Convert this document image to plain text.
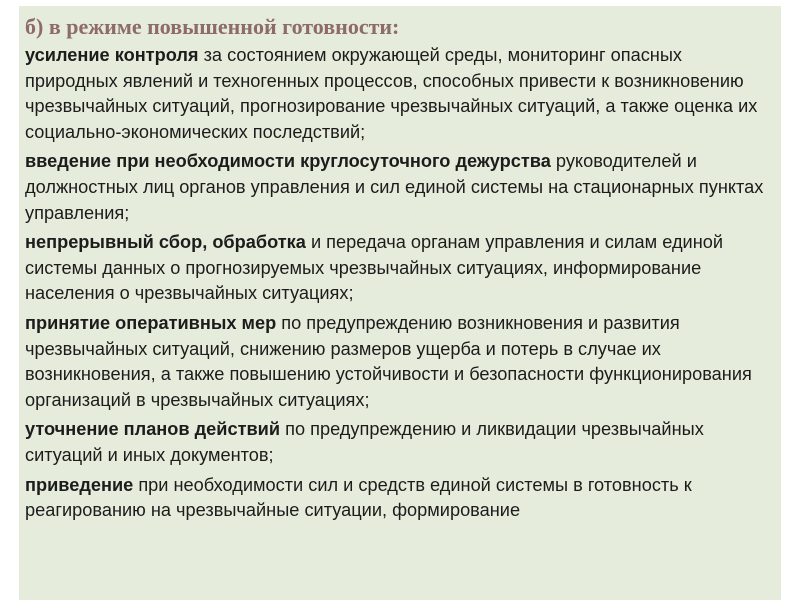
б) в режиме повышенной готовности:
усиление контроля за состоянием окружающей среды, мониторинг опасных природных явлений и техногенных процессов, способных привести к возникновению чрезвычайных ситуаций, прогнозирование чрезвычайных ситуаций, а также оценка их социально-экономических последствий;
введение при необходимости круглосуточного дежурства руководителей и должностных лиц органов управления и сил единой системы на стационарных пунктах управления;
непрерывный сбор, обработка и передача органам управления и силам единой системы данных о прогнозируемых чрезвычайных ситуациях, информирование населения о чрезвычайных ситуациях;
принятие оперативных мер по предупреждению возникновения и развития чрезвычайных ситуаций, снижению размеров ущерба и потерь в случае их возникновения, а также повышению устойчивости и безопасности функционирования организаций в чрезвычайных ситуациях;
уточнение планов действий по предупреждению и ликвидации чрезвычайных ситуаций и иных документов;
приведение при необходимости сил и средств единой системы в готовность к реагированию на чрезвычайные ситуации, формирование
